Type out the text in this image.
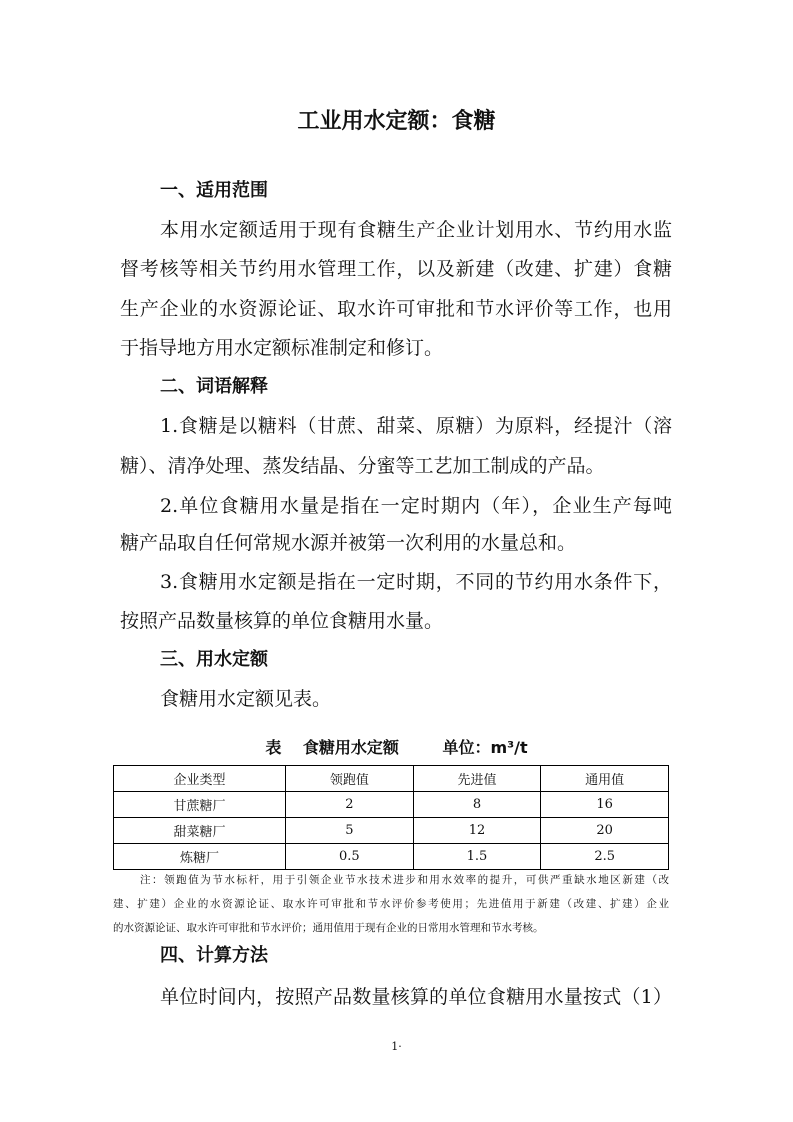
工业用水定额：食糖
一、适用范围
本用水定额适用于现有食糖生产企业计划用水、节约用水监
督考核等相关节约用水管理工作，以及新建（改建、扩建）食糖
生产企业的水资源论证、取水许可审批和节水评价等工作，也用
于指导地方用水定额标准制定和修订。
二、词语解释
1.食糖是以糖料（甘蔗、甜菜、原糖）为原料，经提汁（溶
糖）、清净处理、蒸发结晶、分蜜等工艺加工制成的产品。
2.单位食糖用水量是指在一定时期内（年），企业生产每吨
糖产品取自任何常规水源并被第一次利用的水量总和。
3.食糖用水定额是指在一定时期，不同的节约用水条件下，
按照产品数量核算的单位食糖用水量。
三、用水定额
食糖用水定额见表。
表 食糖用水定额	单位：m³/t
企业类型	领跑值	先进值	通用值
甘蔗糖厂	2	8	16
甜菜糖厂	5	12	20
炼糖厂	0.5	1.5	2.5
注：领跑值为节水标杆，用于引领企业节水技术进步和用水效率的提升，可供严重缺水地区新建（改
建、扩建）企业的水资源论证、取水许可审批和节水评价参考使用；先进值用于新建（改建、扩建）企业
的水资源论证、取水许可审批和节水评价；通用值用于现有企业的日常用水管理和节水考核。
四、计算方法
单位时间内，按照产品数量核算的单位食糖用水量按式（1）
1·
